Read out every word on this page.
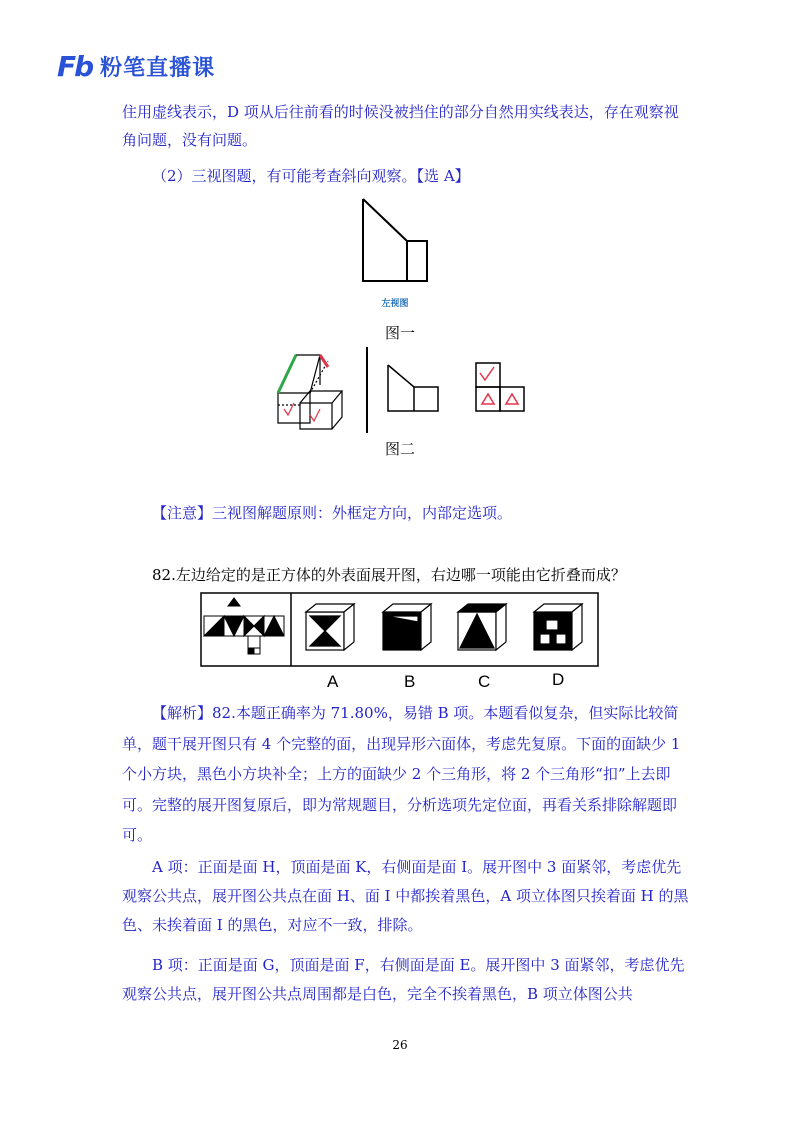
Fb 粉笔直播课
住用虚线表示，D 项从后往前看的时候没被挡住的部分自然用实线表达，存在观察视角问题，没有问题。
（2）三视图题，有可能考查斜向观察。【选 A】
左视图
图一
图二
【注意】三视图解题原则：外框定方向，内部定选项。
82.左边给定的是正方体的外表面展开图，右边哪一项能由它折叠而成？
A	B	C	D
【解析】82.本题正确率为 71.80%，易错 B 项。本题看似复杂，但实际比较简单，题干展开图只有 4 个完整的面，出现异形六面体，考虑先复原。下面的面缺少 1 个小方块，黑色小方块补全；上方的面缺少 2 个三角形，将 2 个三角形“扣”上去即可。完整的展开图复原后，即为常规题目，分析选项先定位面，再看关系排除解题即可。
A 项：正面是面 H，顶面是面 K，右侧面是面 I。展开图中 3 面紧邻，考虑优先观察公共点，展开图公共点在面 H、面 I 中都挨着黑色，A 项立体图只挨着面 H 的黑色、未挨着面 I 的黑色，对应不一致，排除。
B 项：正面是面 G，顶面是面 F，右侧面是面 E。展开图中 3 面紧邻，考虑优先观察公共点，展开图公共点周围都是白色，完全不挨着黑色，B 项立体图公共
26
